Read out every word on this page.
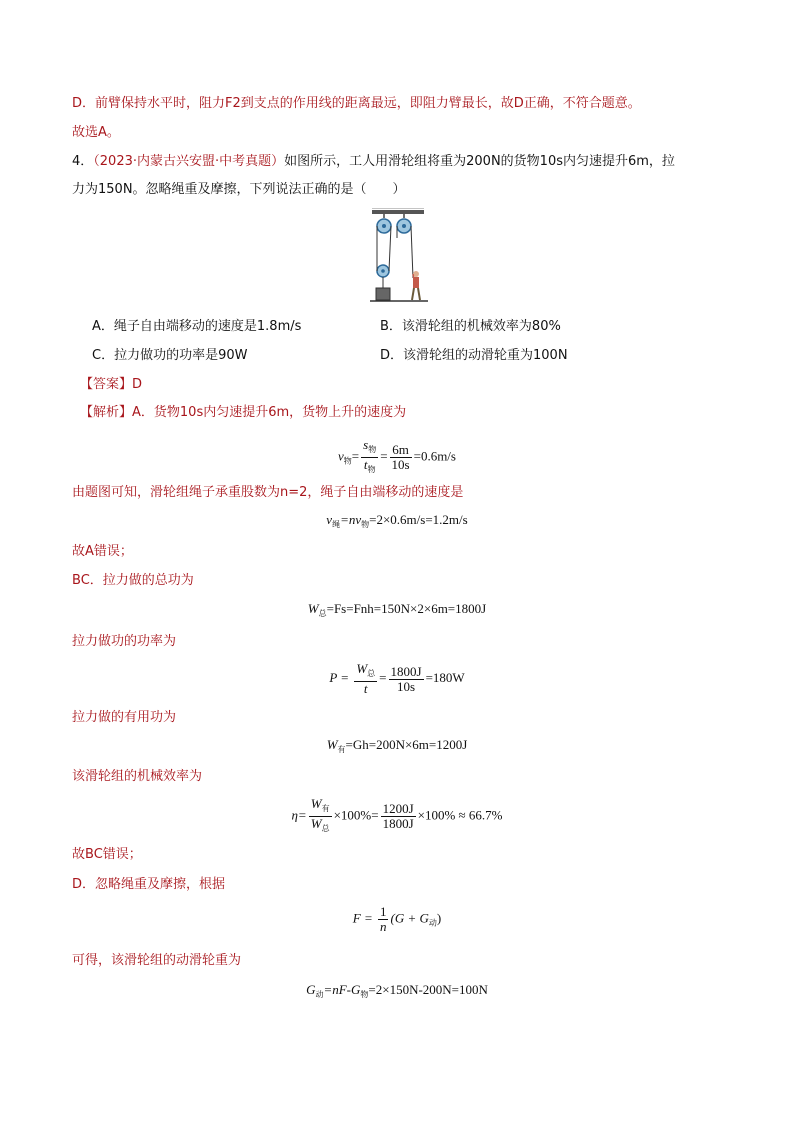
D．前臂保持水平时，阻力F2到支点的作用线的距离最远，即阻力臂最长，故D正确，不符合题意。
故选A。
4．（2023·内蒙古兴安盟·中考真题）如图所示，工人用滑轮组将重为200N的货物10s内匀速提升6m，拉
力为150N。忽略绳重及摩擦，下列说法正确的是（　　）
A．绳子自由端移动的速度是1.8m/s	B．该滑轮组的机械效率为80%
C．拉力做功的功率是90W	D．该滑轮组的动滑轮重为100N
【答案】D
【解析】A．货物10s内匀速提升6m，货物上升的速度为
$v_物= \frac{s_物}{t_物} = \frac{6m}{10s} =0.6m/s$
由题图可知，滑轮组绳子承重股数为n=2，绳子自由端移动的速度是
$v_绳=nv_物=2\times 0.6m/s=1.2m/s$
故A错误；
BC．拉力做的总功为
$W_总=Fs=Fnh=150N\times 2\times 6m=1800J$
拉力做功的功率为
$P = \frac{W_总}{t} = \frac{1800J}{10s} =180W$
拉力做的有用功为
$W_有=Gh=200N\times 6m=1200J$
该滑轮组的机械效率为
$\eta= \frac{W_有}{W_总} \times 100\%= \frac{1200J}{1800J} \times 100\% \approx 66.7\%$
故BC错误；
D．忽略绳重及摩擦，根据
$F = \frac{1}{n} (G + G_动)$
可得，该滑轮组的动滑轮重为
$G_动=nF-G_物=2\times 150N-200N=100N$
